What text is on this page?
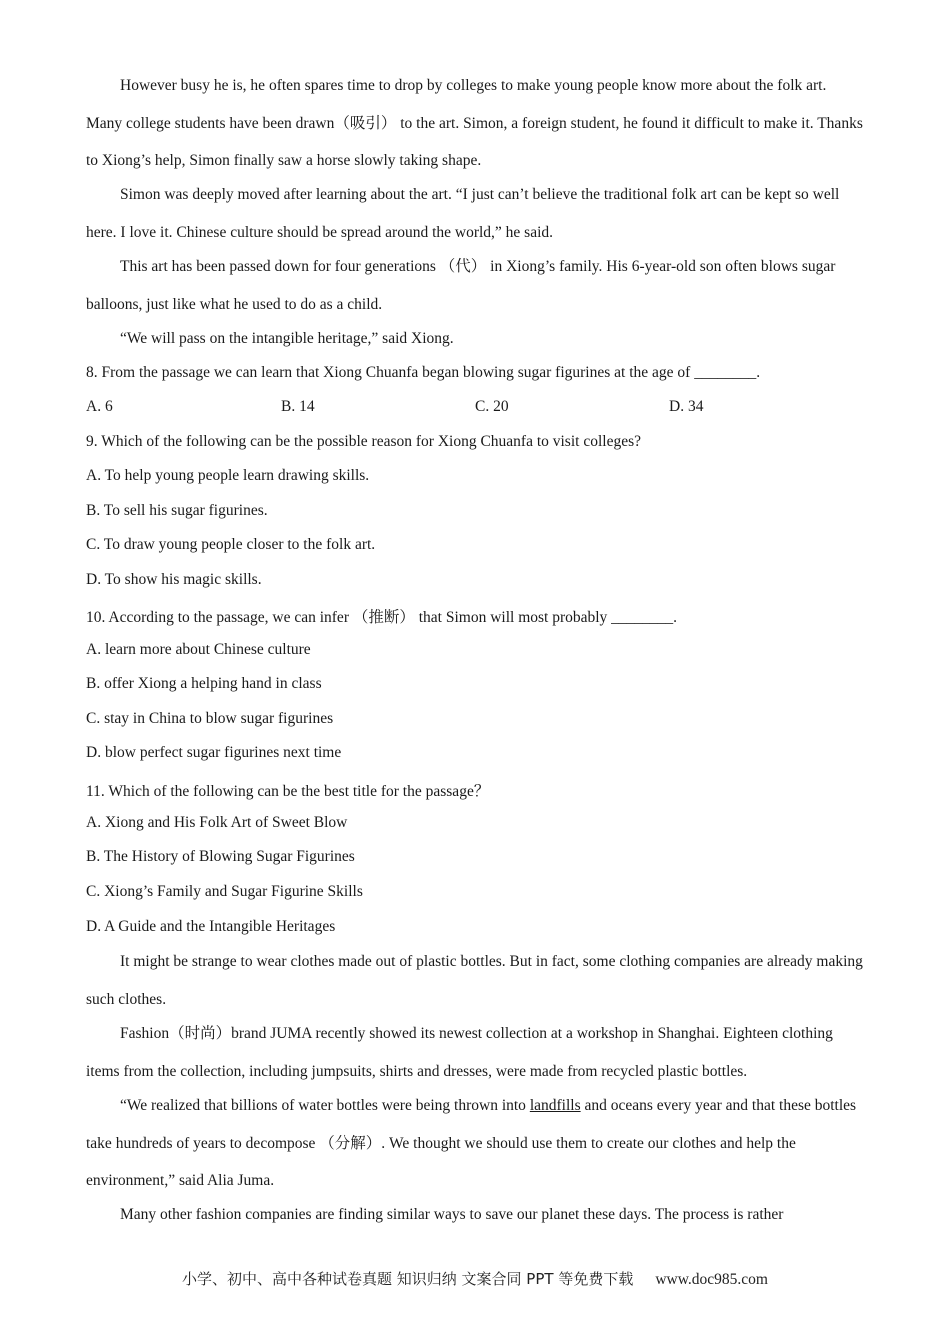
However busy he is, he often spares time to drop by colleges to make young people know more about the folk art. Many college students have been drawn（吸引） to the art. Simon, a foreign student, he found it difficult to make it. Thanks to Xiong’s help, Simon finally saw a horse slowly taking shape.

Simon was deeply moved after learning about the art. “I just can’t believe the traditional folk art can be kept so well here. I love it. Chinese culture should be spread around the world,” he said.

This art has been passed down for four generations （代） in Xiong’s family. His 6-year-old son often blows sugar balloons, just like what he used to do as a child.

“We will pass on the intangible heritage,” said Xiong.

8. From the passage we can learn that Xiong Chuanfa began blowing sugar figurines at the age of ________.
A. 6	B. 14	C. 20	D. 34
9. Which of the following can be the possible reason for Xiong Chuanfa to visit colleges?
A. To help young people learn drawing skills.
B. To sell his sugar figurines.
C. To draw young people closer to the folk art.
D. To show his magic skills.
10. According to the passage, we can infer （推断） that Simon will most probably ________.
A. learn more about Chinese culture
B. offer Xiong a helping hand in class
C. stay in China to blow sugar figurines
D. blow perfect sugar figurines next time
11. Which of the following can be the best title for the passage？
A. Xiong and His Folk Art of Sweet Blow
B. The History of Blowing Sugar Figurines
C. Xiong’s Family and Sugar Figurine Skills
D. A Guide and the Intangible Heritages

It might be strange to wear clothes made out of plastic bottles. But in fact, some clothing companies are already making such clothes.

Fashion（时尚）brand JUMA recently showed its newest collection at a workshop in Shanghai. Eighteen clothing items from the collection, including jumpsuits, shirts and dresses, were made from recycled plastic bottles.

“We realized that billions of water bottles were being thrown into landfills and oceans every year and that these bottles take hundreds of years to decompose （分解）. We thought we should use them to create our clothes and help the environment,” said Alia Juma.

Many other fashion companies are finding similar ways to save our planet these days. The process is rather

小学、初中、高中各种试卷真题 知识归纳 文案合同 PPT 等免费下载 www.doc985.com
